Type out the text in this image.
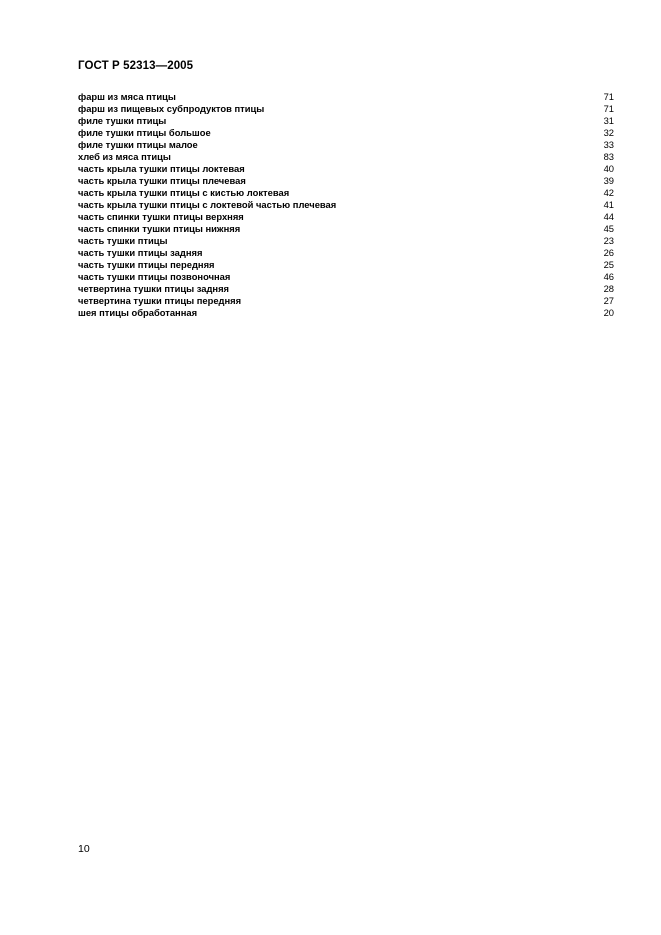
ГОСТ Р 52313—2005
фарш из мяса птицы	71
фарш из пищевых субпродуктов птицы	71
филе тушки птицы	31
филе тушки птицы большое	32
филе тушки птицы малое	33
хлеб из мяса птицы	83
часть крыла тушки птицы локтевая	40
часть крыла тушки птицы плечевая	39
часть крыла тушки птицы с кистью локтевая	42
часть крыла тушки птицы с локтевой частью плечевая	41
часть спинки тушки птицы верхняя	44
часть спинки тушки птицы нижняя	45
часть тушки птицы	23
часть тушки птицы задняя	26
часть тушки птицы передняя	25
часть тушки птицы позвоночная	46
четвертина тушки птицы задняя	28
четвертина тушки птицы передняя	27
шея птицы обработанная	20
10
